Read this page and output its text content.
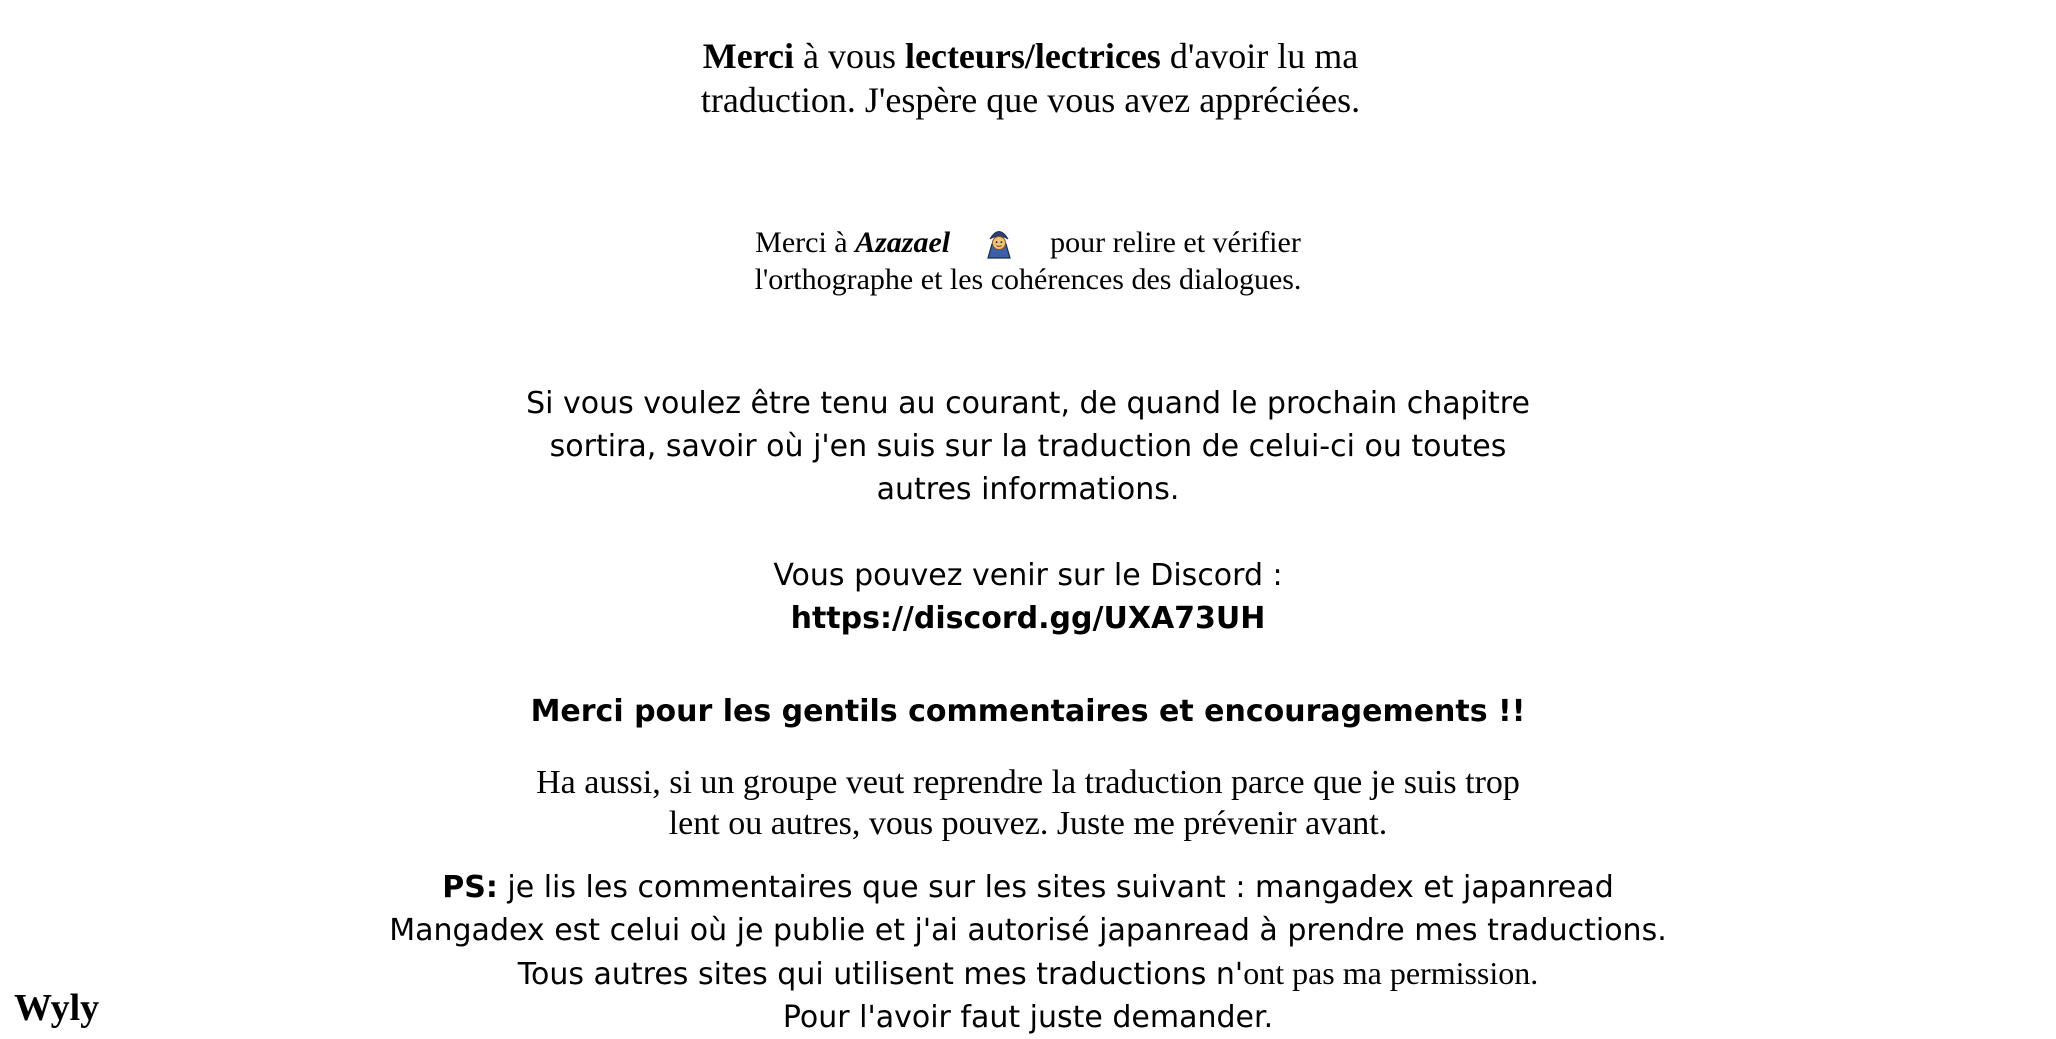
Merci à vous lecteurs/lectrices d'avoir lu ma
traduction. J'espère que vous avez appréciées.
Merci à Azazael	pour relire et vérifier
l'orthographe et les cohérences des dialogues.
Si vous voulez être tenu au courant, de quand le prochain chapitre
sortira, savoir où j'en suis sur la traduction de celui-ci ou toutes
autres informations.
Vous pouvez venir sur le Discord :
https://discord.gg/UXA73UH
Merci pour les gentils commentaires et encouragements !!
Ha aussi, si un groupe veut reprendre la traduction parce que je suis trop
lent ou autres, vous pouvez. Juste me prévenir avant.
PS: je lis les commentaires que sur les sites suivant : mangadex et japanread
Mangadex est celui où je publie et j'ai autorisé japanread à prendre mes traductions.
Tous autres sites qui utilisent mes traductions n'ont pas ma permission.
Pour l'avoir faut juste demander.
Wyly
